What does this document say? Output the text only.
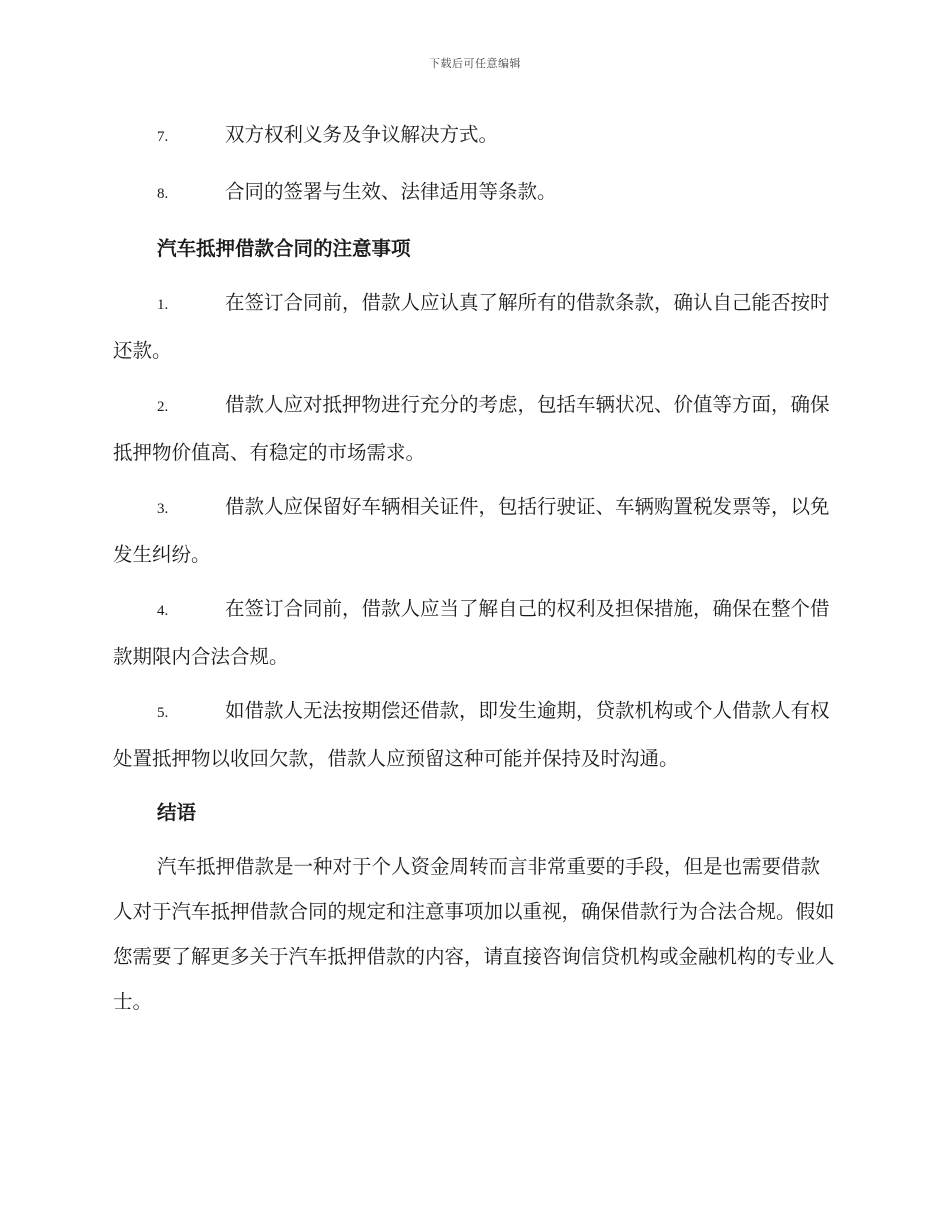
下载后可任意编辑
7.	双方权利义务及争议解决方式。
8.	合同的签署与生效、法律适用等条款。
汽车抵押借款合同的注意事项
1.	在签订合同前，借款人应认真了解所有的借款条款，确认自己能否按时还款。
2.	借款人应对抵押物进行充分的考虑，包括车辆状况、价值等方面，确保抵押物价值高、有稳定的市场需求。
3.	借款人应保留好车辆相关证件，包括行驶证、车辆购置税发票等，以免发生纠纷。
4.	在签订合同前，借款人应当了解自己的权利及担保措施，确保在整个借款期限内合法合规。
5.	如借款人无法按期偿还借款，即发生逾期，贷款机构或个人借款人有权处置抵押物以收回欠款，借款人应预留这种可能并保持及时沟通。
结语

汽车抵押借款是一种对于个人资金周转而言非常重要的手段，但是也需要借款人对于汽车抵押借款合同的规定和注意事项加以重视，确保借款行为合法合规。假如您需要了解更多关于汽车抵押借款的内容，请直接咨询信贷机构或金融机构的专业人士。
